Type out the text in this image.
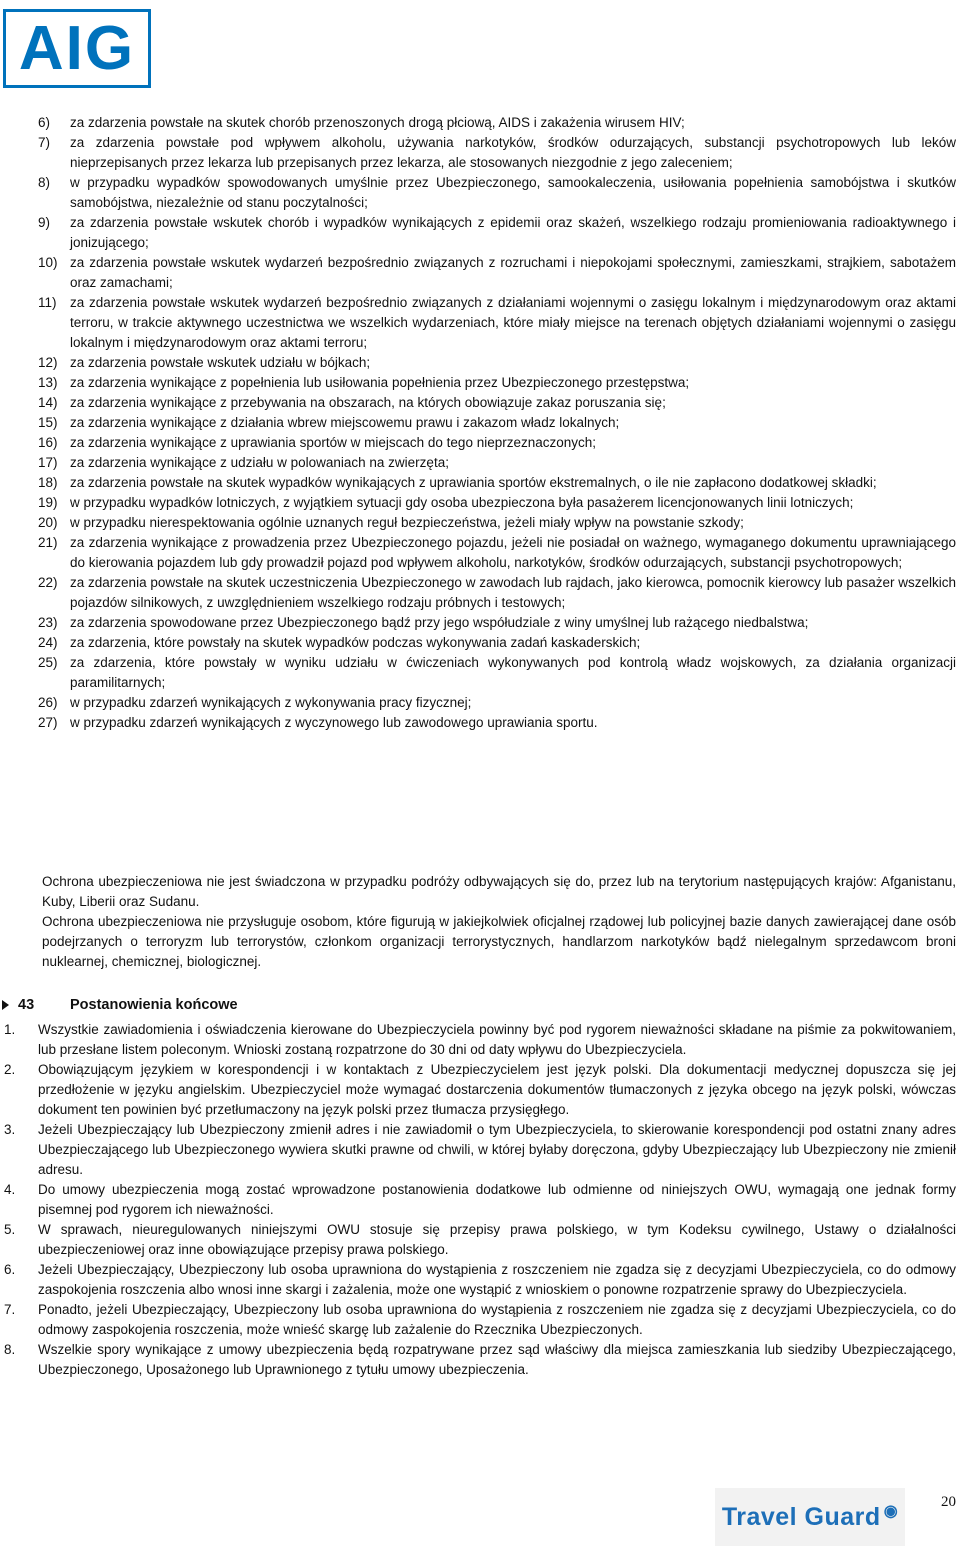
AIG

6) za zdarzenia powstałe na skutek chorób przenoszonych drogą płciową, AIDS i zakażenia wirusem HIV;

7) za zdarzenia powstałe pod wpływem alkoholu, używania narkotyków, środków odurzających, substancji psychotropowych lub leków nieprzepisanych przez lekarza lub przepisanych przez lekarza, ale stosowanych niezgodnie z jego zaleceniem;

8) w przypadku wypadków spowodowanych umyślnie przez Ubezpieczonego, samookaleczenia, usiłowania popełnienia samobójstwa i skutków samobójstwa, niezależnie od stanu poczytalności;

9) za zdarzenia powstałe wskutek chorób i wypadków wynikających z epidemii oraz skażeń, wszelkiego rodzaju promieniowania radioaktywnego i jonizującego;

10) za zdarzenia powstałe wskutek wydarzeń bezpośrednio związanych z rozruchami i niepokojami społecznymi, zamieszkami, strajkiem, sabotażem oraz zamachami;

11) za zdarzenia powstałe wskutek wydarzeń bezpośrednio związanych z działaniami wojennymi o zasięgu lokalnym i międzynarodowym oraz aktami terroru, w trakcie aktywnego uczestnictwa we wszelkich wydarzeniach, które miały miejsce na terenach objętych działaniami wojennymi o zasięgu lokalnym i międzynarodowym oraz aktami terroru;

12) za zdarzenia powstałe wskutek udziału w bójkach;

13) za zdarzenia wynikające z popełnienia lub usiłowania popełnienia przez Ubezpieczonego przestępstwa;

14) za zdarzenia wynikające z przebywania na obszarach, na których obowiązuje zakaz poruszania się;

15) za zdarzenia wynikające z działania wbrew miejscowemu prawu i zakazom władz lokalnych;

16) za zdarzenia wynikające z uprawiania sportów w miejscach do tego nieprzeznaczonych;

17) za zdarzenia wynikające z udziału w polowaniach na zwierzęta;

18) za zdarzenia powstałe na skutek wypadków wynikających z uprawiania sportów ekstremalnych, o ile nie zapłacono dodatkowej składki;

19) w przypadku wypadków lotniczych, z wyjątkiem sytuacji gdy osoba ubezpieczona była pasażerem licencjonowanych linii lotniczych;

20) w przypadku nierespektowania ogólnie uznanych reguł bezpieczeństwa, jeżeli miały wpływ na powstanie szkody;

21) za zdarzenia wynikające z prowadzenia przez Ubezpieczonego pojazdu, jeżeli nie posiadał on ważnego, wymaganego dokumentu uprawniającego do kierowania pojazdem lub gdy prowadził pojazd pod wpływem alkoholu, narkotyków, środków odurzających, substancji psychotropowych;

22) za zdarzenia powstałe na skutek uczestniczenia Ubezpieczonego w zawodach lub rajdach, jako kierowca, pomocnik kierowcy lub pasażer wszelkich pojazdów silnikowych, z uwzględnieniem wszelkiego rodzaju próbnych i testowych;

23) za zdarzenia spowodowane przez Ubezpieczonego bądź przy jego współudziale z winy umyślnej lub rażącego niedbalstwa;

24) za zdarzenia, które powstały na skutek wypadków podczas wykonywania zadań kaskaderskich;

25) za zdarzenia, które powstały w wyniku udziału w ćwiczeniach wykonywanych pod kontrolą władz wojskowych, za działania organizacji paramilitarnych;

26) w przypadku zdarzeń wynikających z wykonywania pracy fizycznej;

27) w przypadku zdarzeń wynikających z wyczynowego lub zawodowego uprawiania sportu.

Ochrona ubezpieczeniowa nie jest świadczona w przypadku podróży odbywających się do, przez lub na terytorium następujących krajów: Afganistanu, Kuby, Liberii oraz Sudanu.

Ochrona ubezpieczeniowa nie przysługuje osobom, które figurują w jakiejkolwiek oficjalnej rządowej lub policyjnej bazie danych zawierającej dane osób podejrzanych o terroryzm lub terrorystów, członkom organizacji terrorystycznych, handlarzom narkotyków bądź nielegalnym sprzedawcom broni nuklearnej, chemicznej, biologicznej.

43 Postanowienia końcowe

1. Wszystkie zawiadomienia i oświadczenia kierowane do Ubezpieczyciela powinny być pod rygorem nieważności składane na piśmie za pokwitowaniem, lub przesłane listem poleconym. Wnioski zostaną rozpatrzone do 30 dni od daty wpływu do Ubezpieczyciela.

2. Obowiązującym językiem w korespondencji i w kontaktach z Ubezpieczycielem jest język polski. Dla dokumentacji medycznej dopuszcza się jej przedłożenie w języku angielskim. Ubezpieczyciel może wymagać dostarczenia dokumentów tłumaczonych z języka obcego na język polski, wówczas dokument ten powinien być przetłumaczony na język polski przez tłumacza przysięgłego.

3. Jeżeli Ubezpieczający lub Ubezpieczony zmienił adres i nie zawiadomił o tym Ubezpieczyciela, to skierowanie korespondencji pod ostatni znany adres Ubezpieczającego lub Ubezpieczonego wywiera skutki prawne od chwili, w której byłaby doręczona, gdyby Ubezpieczający lub Ubezpieczony nie zmienił adresu.

4. Do umowy ubezpieczenia mogą zostać wprowadzone postanowienia dodatkowe lub odmienne od niniejszych OWU, wymagają one jednak formy pisemnej pod rygorem ich nieważności.

5. W sprawach, nieuregulowanych niniejszymi OWU stosuje się przepisy prawa polskiego, w tym Kodeksu cywilnego, Ustawy o działalności ubezpieczeniowej oraz inne obowiązujące przepisy prawa polskiego.

6. Jeżeli Ubezpieczający, Ubezpieczony lub osoba uprawniona do wystąpienia z roszczeniem nie zgadza się z decyzjami Ubezpieczyciela, co do odmowy zaspokojenia roszczenia albo wnosi inne skargi i zażalenia, może one wystąpić z wnioskiem o ponowne rozpatrzenie sprawy do Ubezpieczyciela.

7. Ponadto, jeżeli Ubezpieczający, Ubezpieczony lub osoba uprawniona do wystąpienia z roszczeniem nie zgadza się z decyzjami Ubezpieczyciela, co do odmowy zaspokojenia roszczenia, może wnieść skargę lub zażalenie do Rzecznika Ubezpieczonych.

8. Wszelkie spory wynikające z umowy ubezpieczenia będą rozpatrywane przez sąd właściwy dla miejsca zamieszkania lub siedziby Ubezpieczającego, Ubezpieczonego, Uposażonego lub Uprawnionego z tytułu umowy ubezpieczenia.

Travel Guard ◉
20
